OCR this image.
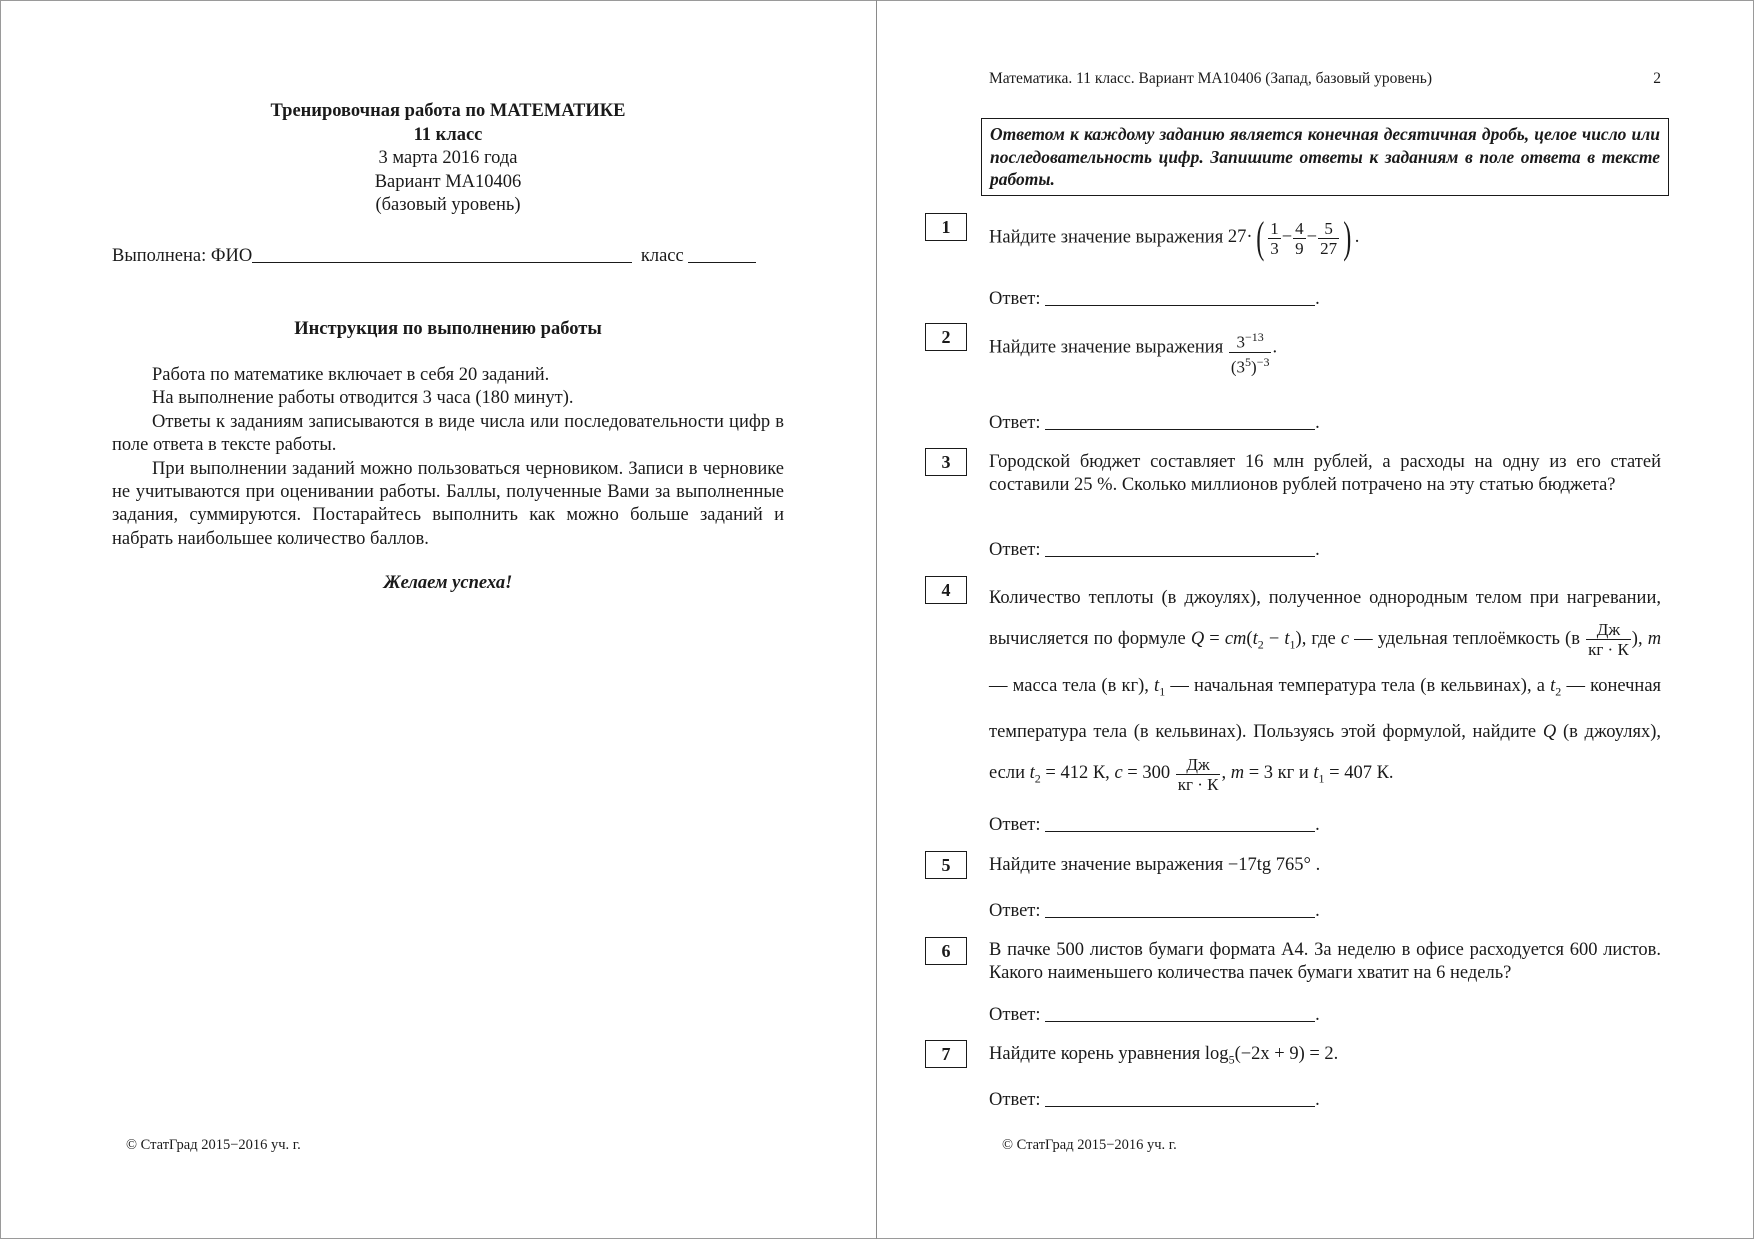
Тренировочная работа по МАТЕМАТИКЕ
11 класс
3 марта 2016 года
Вариант МА10406
(базовый уровень)
Выполнена: ФИО	класс
Инструкция по выполнению работы

Работа по математике включает в себя 20 заданий.

На выполнение работы отводится 3 часа (180 минут).

Ответы к заданиям записываются в виде числа или последовательности цифр в поле ответа в тексте работы.

При выполнении заданий можно пользоваться черновиком. Записи в черновике не учитываются при оценивании работы. Баллы, полученные Вами за выполненные задания, суммируются. Постарайтесь выполнить как можно больше заданий и набрать наибольшее количество баллов.

Желаем успеха!
© СтатГрад 2015−2016 уч. г.
Математика. 11 класс. Вариант МА10406 (Запад, базовый уровень)	2
Ответом к каждому заданию является конечная десятичная дробь, целое число или последовательность цифр. Запишите ответы к заданиям в поле ответа в тексте работы.
1
Найдите значение выражения $27\cdot( \frac{1}{3} - \frac{4}{9} - \frac{5}{27}$ ) .
Ответ:	.
2
Найдите значение выражения $\frac{3^{-13}}{(3^5)^{-3}}$ .
Ответ:	.
3	Городской бюджет составляет 16 млн рублей, а расходы на одну из его статей составили 25 %. Сколько миллионов рублей потрачено на эту статью бюджета?
Ответ:	.
4	Количество теплоты (в джоулях), полученное однородным телом при нагревании, вычисляется по формуле $Q = cm(t_2 - t_1)$, где c — удельная теплоёмкость ($в \frac{Дж}{кг \cdot К}$ ), m — масса тела (в кг), $t_1$ — начальная температура тела (в кельвинах), а $t_2$ — конечная температура тела (в кельвинах). Пользуясь этой формулой, найдите Q (в джоулях), если $t_2 = 412$ К, $c = 300 \frac{Дж}{кг \cdot К}$ , m = 3 кг и $t_1 = 407$ К.
Ответ:	.
5	Найдите значение выражения −17tg 765° .
Ответ:	.
6	В пачке 500 листов бумаги формата А4. За неделю в офисе расходуется 600 листов. Какого наименьшего количества пачек бумаги хватит на 6 недель?
Ответ:	.
7	Найдите корень уравнения $\log_5(-2x + 9) = 2$.
Ответ:	.
© СтатГрад 2015−2016 уч. г.
